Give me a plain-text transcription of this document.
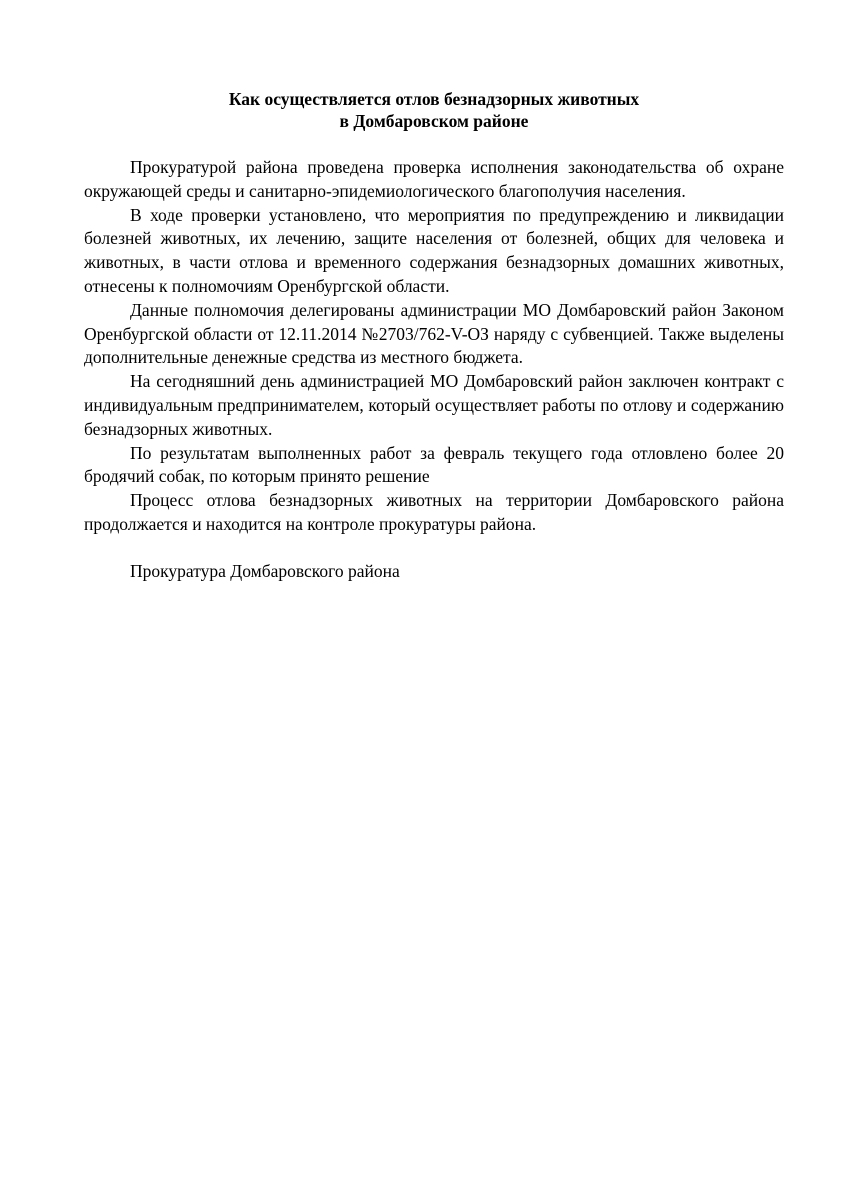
Как осуществляется отлов безнадзорных животных
в Домбаровском районе

Прокуратурой района проведена проверка исполнения законодательства об охране окружающей среды и санитарно-эпидемиологического благополучия населения.

В ходе проверки установлено, что мероприятия по предупреждению и ликвидации болезней животных, их лечению, защите населения от болезней, общих для человека и животных, в части отлова и временного содержания безнадзорных домашних животных, отнесены к полномочиям Оренбургской области.

Данные полномочия делегированы администрации МО Домбаровский район Законом Оренбургской области от 12.11.2014 №2703/762-V-ОЗ наряду с субвенцией. Также выделены дополнительные денежные средства из местного бюджета.

На сегодняшний день администрацией МО Домбаровский район заключен контракт с индивидуальным предпринимателем, который осуществляет работы по отлову и содержанию безнадзорных животных.

По результатам выполненных работ за февраль текущего года отловлено более 20 бродячий собак, по которым принято решение

Процесс отлова безнадзорных животных на территории Домбаровского района продолжается и находится на контроле прокуратуры района.

Прокуратура Домбаровского района
